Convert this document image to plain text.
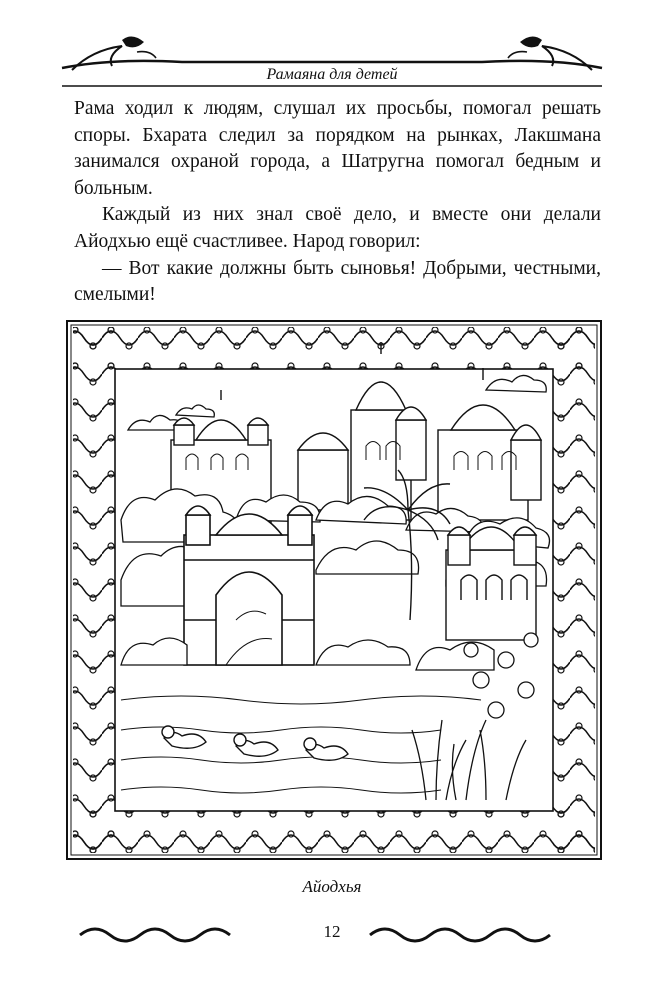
Рамаяна для детей

Рама ходил к людям, слушал их просьбы, помогал решать споры. Бхарата следил за порядком на рынках, Лакшмана занимался охраной города, а Шатругна помогал бедным и больным.

Каждый из них знал своё дело, и вместе они делали Айодхью ещё счастливее. Народ говорил:

— Вот какие должны быть сыновья! Добрыми, честными, смелыми!

Айодхья
12
